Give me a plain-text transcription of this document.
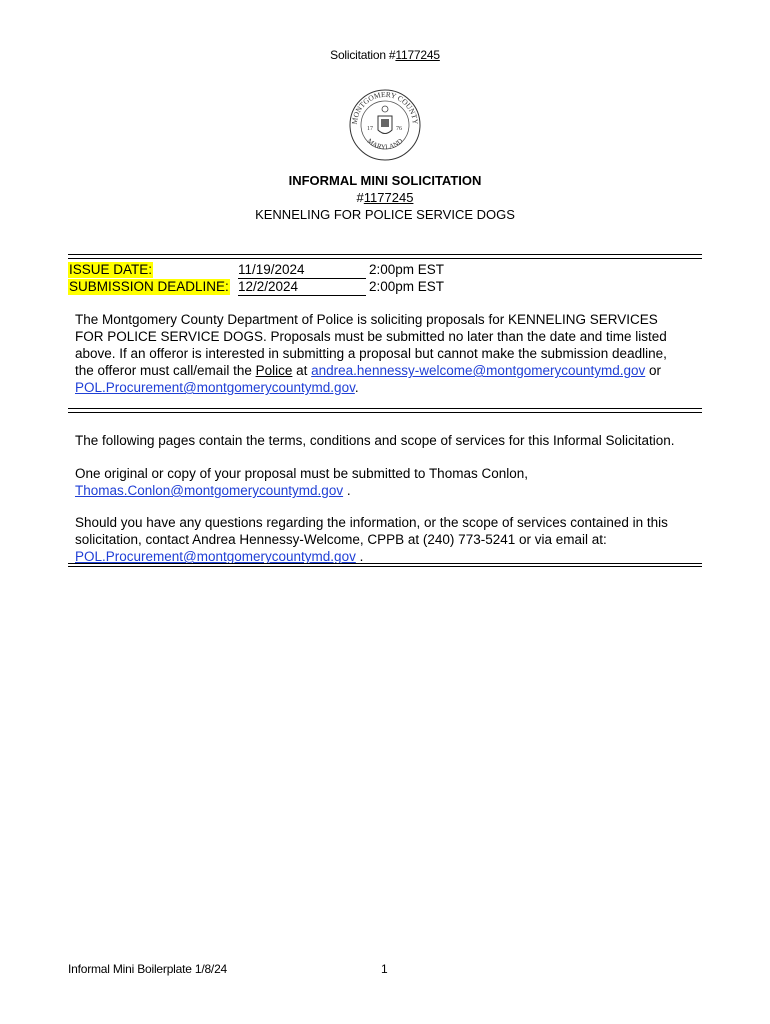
Solicitation #1177245
MONTGOMERY COUNTY
MARYLAND
17	76
INFORMAL MINI SOLICITATION
#1177245
KENNELING FOR POLICE SERVICE DOGS
ISSUE DATE:	11/19/2024	2:00pm EST
SUBMISSION DEADLINE: 12/2/2024	2:00pm EST
The Montgomery County Department of Police is soliciting proposals for KENNELING SERVICES
FOR POLICE SERVICE DOGS. Proposals must be submitted no later than the date and time listed
above. If an offeror is interested in submitting a proposal but cannot make the submission deadline,
the offeror must call/email the Police at andrea.hennessy-welcome@montgomerycountymd.gov or
POL.Procurement@montgomerycountymd.gov.
The following pages contain the terms, conditions and scope of services for this Informal Solicitation.
One original or copy of your proposal must be submitted to Thomas Conlon,
Thomas.Conlon@montgomerycountymd.gov .
Should you have any questions regarding the information, or the scope of services contained in this
solicitation, contact Andrea Hennessy-Welcome, CPPB at (240) 773-5241 or via email at:
POL.Procurement@montgomerycountymd.gov .
Informal Mini Boilerplate 1/8/24	1
